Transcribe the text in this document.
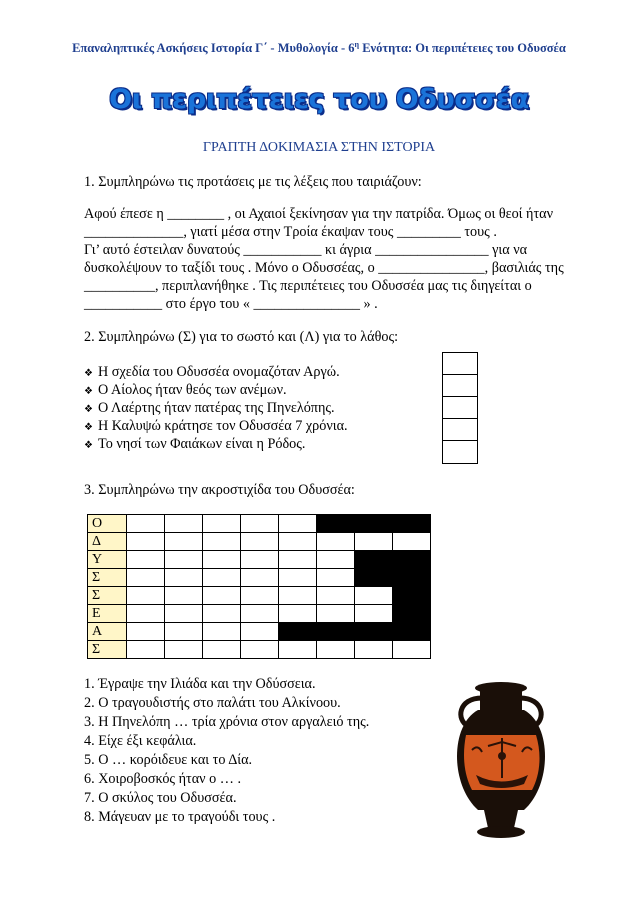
Επαναληπτικές Ασκήσεις Ιστορία Γ΄ - Μυθολογία - $6^\eta$ Ενότητα: Οι περιπέτειες του Οδυσσέα
Οι περιπέτειες του Οδυσσέα
ΓΡΑΠΤΗ ΔΟΚΙΜΑΣΙΑ ΣΤΗΝ ΙΣΤΟΡΙΑ
1. Συμπληρώνω τις προτάσεις με τις λέξεις που ταιριάζουν:
Αφού έπεσε η ________ , οι Αχαιοί ξεκίνησαν για την πατρίδα. Όμως οι θεοί ήταν
______________, γιατί μέσα στην Τροία έκαψαν τους _________ τους .
Γι’ αυτό έστειλαν δυνατούς ___________ κι άγρια ________________ για να
δυσκολέψουν το ταξίδι τους . Μόνο ο Οδυσσέας, ο _______________, βασιλιάς της
__________, περιπλανήθηκε . Τις περιπέτειες του Οδυσσέα μας τις διηγείται ο
___________ στο έργο του « _______________ » .
2. Συμπληρώνω (Σ) για το σωστό και (Λ) για το λάθος:
❖ Η σχεδία του Οδυσσέα ονομαζόταν Αργώ.
❖ Ο Αίολος ήταν θεός των ανέμων.
❖ Ο Λαέρτης ήταν πατέρας της Πηνελόπης.
❖ Η Καλυψώ κράτησε τον Οδυσσέα 7 χρόνια.
❖ Το νησί των Φαιάκων είναι η Ρόδος.
3. Συμπληρώνω την ακροστιχίδα του Οδυσσέα:
Ο								
Δ								
Υ								
Σ								
Σ								
Ε								
Α								
Σ								
1. Έγραψε την Ιλιάδα και την Οδύσσεια.
2. Ο τραγουδιστής στο παλάτι του Αλκίνοου.
3. Η Πηνελόπη … τρία χρόνια στον αργαλειό της.
4. Είχε έξι κεφάλια.
5. Ο … κορόιδευε και το Δία.
6. Χοιροβοσκός ήταν ο … .
7. Ο σκύλος του Οδυσσέα.
8. Μάγευαν με το τραγούδι τους .
